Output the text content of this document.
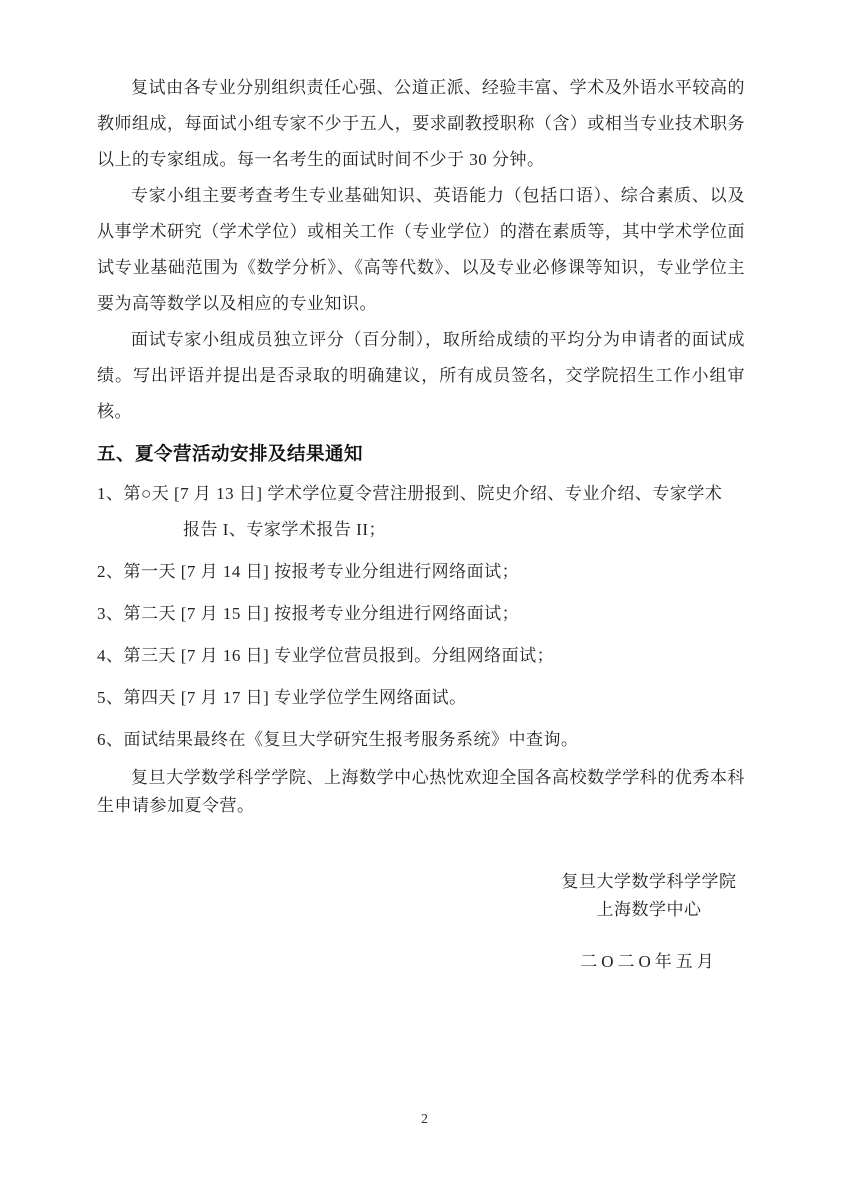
复试由各专业分别组织责任心强、公道正派、经验丰富、学术及外语水平较高的教师组成，每面试小组专家不少于五人，要求副教授职称（含）或相当专业技术职务以上的专家组成。每一名考生的面试时间不少于 30 分钟。

专家小组主要考查考生专业基础知识、英语能力（包括口语）、综合素质、以及从事学术研究（学术学位）或相关工作（专业学位）的潜在素质等，其中学术学位面试专业基础范围为《数学分析》、《高等代数》、以及专业必修课等知识，专业学位主要为高等数学以及相应的专业知识。

面试专家小组成员独立评分（百分制），取所给成绩的平均分为申请者的面试成绩。写出评语并提出是否录取的明确建议，所有成员签名，交学院招生工作小组审核。

五、夏令营活动安排及结果通知
1、第○天 [7 月 13 日] 学术学位夏令营注册报到、院史介绍、专业介绍、专家学术
报告 I、专家学术报告 II；
2、第一天 [7 月 14 日] 按报考专业分组进行网络面试；
3、第二天 [7 月 15 日] 按报考专业分组进行网络面试；
4、第三天 [7 月 16 日] 专业学位营员报到。分组网络面试；
5、第四天 [7 月 17 日] 专业学位学生网络面试。
6、面试结果最终在《复旦大学研究生报考服务系统》中查询。

复旦大学数学科学学院、上海数学中心热忱欢迎全国各高校数学学科的优秀本科生申请参加夏令营。

复旦大学数学科学学院
上海数学中心
二O二O年五月
2
